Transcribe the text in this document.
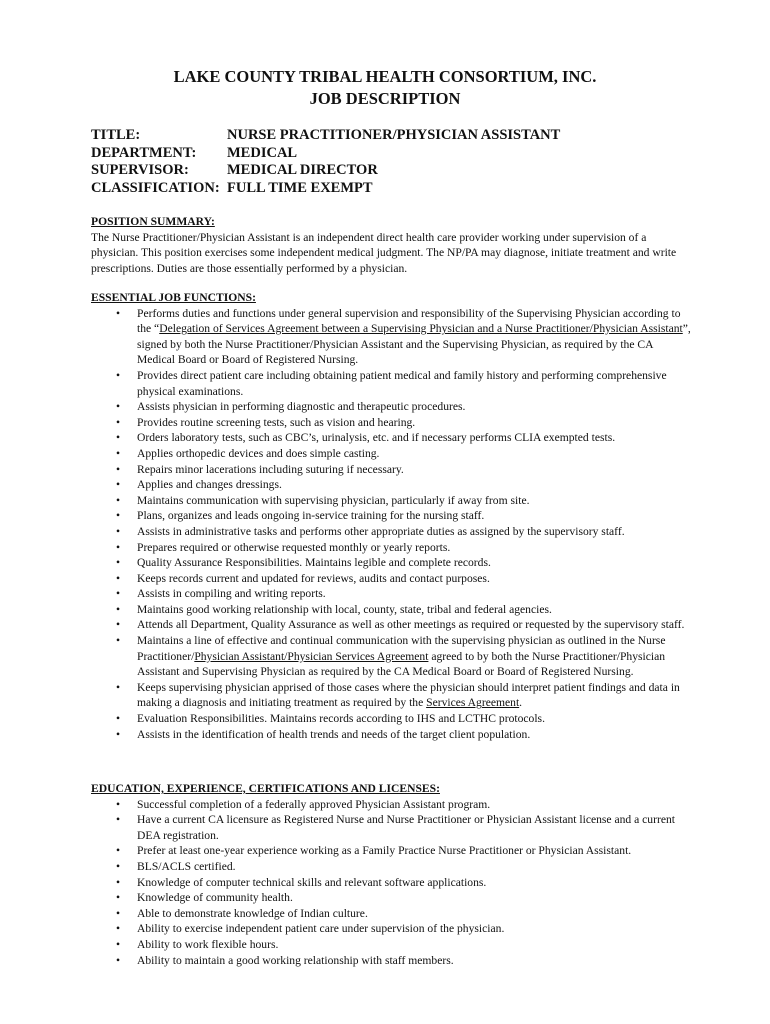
LAKE COUNTY TRIBAL HEALTH CONSORTIUM, INC.
JOB DESCRIPTION
TITLE:	NURSE PRACTITIONER/PHYSICIAN ASSISTANT
DEPARTMENT:	MEDICAL
SUPERVISOR:	MEDICAL DIRECTOR
CLASSIFICATION: FULL TIME EXEMPT
POSITION SUMMARY:
The Nurse Practitioner/Physician Assistant is an independent direct health care provider working under supervision of a physician. This position exercises some independent medical judgment. The NP/PA may diagnose, initiate treatment and write prescriptions. Duties are those essentially performed by a physician.
ESSENTIAL JOB FUNCTIONS:
• Performs duties and functions under general supervision and responsibility of the Supervising Physician according to the “Delegation of Services Agreement between a Supervising Physician and a Nurse Practitioner/Physician Assistant”, signed by both the Nurse Practitioner/Physician Assistant and the Supervising Physician, as required by the CA Medical Board or Board of Registered Nursing.
• Provides direct patient care including obtaining patient medical and family history and performing comprehensive physical examinations.
• Assists physician in performing diagnostic and therapeutic procedures.
• Provides routine screening tests, such as vision and hearing.
• Orders laboratory tests, such as CBC’s, urinalysis, etc. and if necessary performs CLIA exempted tests.
• Applies orthopedic devices and does simple casting.
• Repairs minor lacerations including suturing if necessary.
• Applies and changes dressings.
• Maintains communication with supervising physician, particularly if away from site.
• Plans, organizes and leads ongoing in-service training for the nursing staff.
• Assists in administrative tasks and performs other appropriate duties as assigned by the supervisory staff.
• Prepares required or otherwise requested monthly or yearly reports.
• Quality Assurance Responsibilities. Maintains legible and complete records.
• Keeps records current and updated for reviews, audits and contact purposes.
• Assists in compiling and writing reports.
• Maintains good working relationship with local, county, state, tribal and federal agencies.
• Attends all Department, Quality Assurance as well as other meetings as required or requested by the supervisory staff.
• Maintains a line of effective and continual communication with the supervising physician as outlined in the Nurse Practitioner/Physician Assistant/Physician Services Agreement agreed to by both the Nurse Practitioner/Physician Assistant and Supervising Physician as required by the CA Medical Board or Board of Registered Nursing.
• Keeps supervising physician apprised of those cases where the physician should interpret patient findings and data in making a diagnosis and initiating treatment as required by the Services Agreement.
• Evaluation Responsibilities. Maintains records according to IHS and LCTHC protocols.
• Assists in the identification of health trends and needs of the target client population.
EDUCATION, EXPERIENCE, CERTIFICATIONS AND LICENSES:
• Successful completion of a federally approved Physician Assistant program.
• Have a current CA licensure as Registered Nurse and Nurse Practitioner or Physician Assistant license and a current DEA registration.
• Prefer at least one-year experience working as a Family Practice Nurse Practitioner or Physician Assistant.
• BLS/ACLS certified.
• Knowledge of computer technical skills and relevant software applications.
• Knowledge of community health.
• Able to demonstrate knowledge of Indian culture.
• Ability to exercise independent patient care under supervision of the physician.
• Ability to work flexible hours.
• Ability to maintain a good working relationship with staff members.
